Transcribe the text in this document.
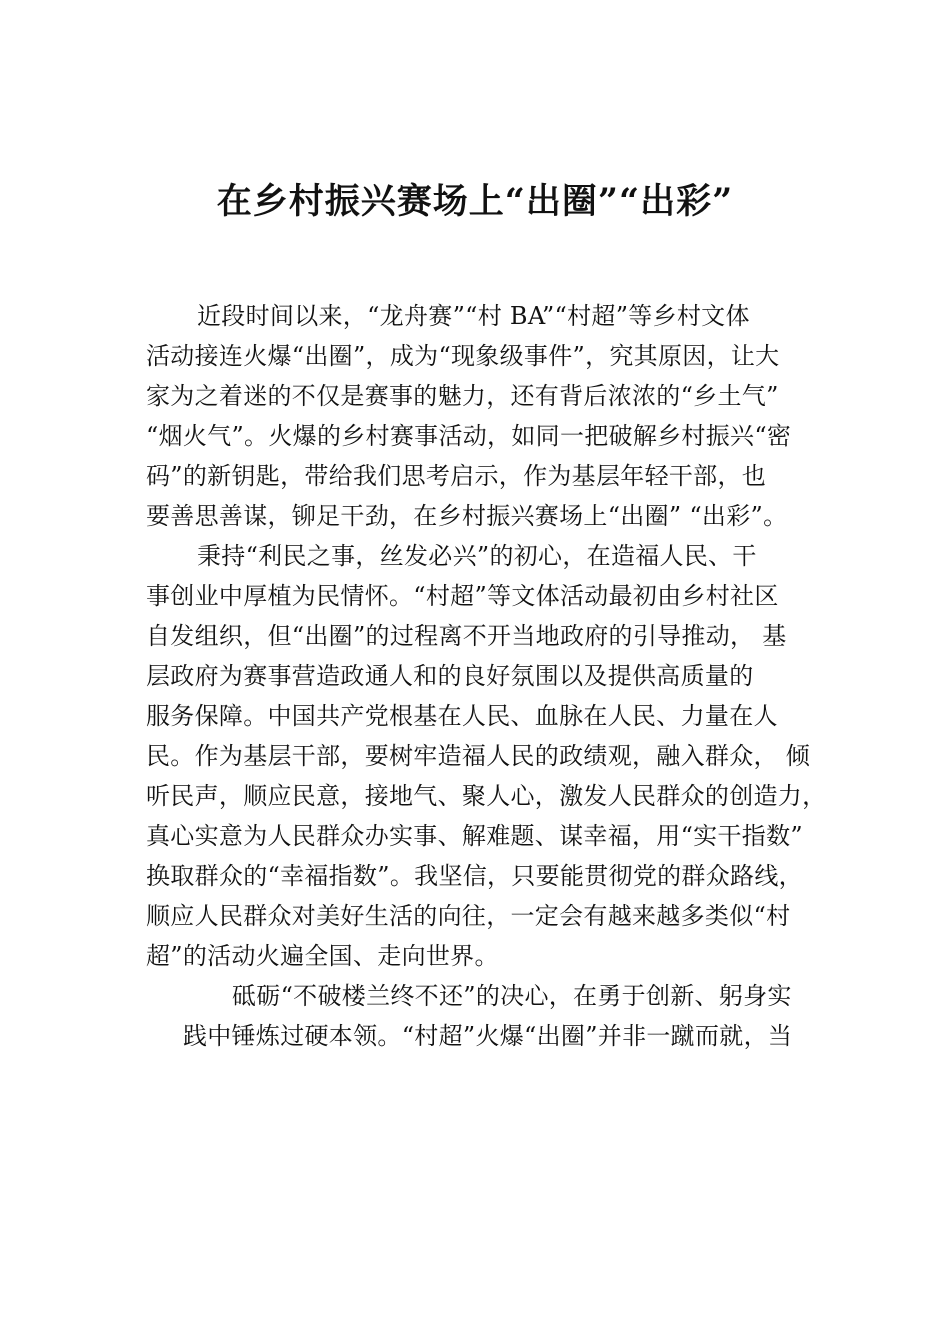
在乡村振兴赛场上“出圈”“出彩”
近段时间以来，“龙舟赛”“村 BA”“村超”等乡村文体
活动接连火爆“出圈”，成为“现象级事件”，究其原因，让大
家为之着迷的不仅是赛事的魅力，还有背后浓浓的“乡土气”
“烟火气”。火爆的乡村赛事活动，如同一把破解乡村振兴“密
码”的新钥匙，带给我们思考启示，作为基层年轻干部，也
要善思善谋，铆足干劲，在乡村振兴赛场上“出圈” “出彩”。
秉持“利民之事，丝发必兴”的初心，在造福人民、干
事创业中厚植为民情怀。“村超”等文体活动最初由乡村社区
自发组织，但“出圈”的过程离不开当地政府的引导推动， 基
层政府为赛事营造政通人和的良好氛围以及提供高质量的
服务保障。中国共产党根基在人民、血脉在人民、力量在人
民。作为基层干部，要树牢造福人民的政绩观，融入群众， 倾
听民声，顺应民意，接地气、聚人心，激发人民群众的创造力，
真心实意为人民群众办实事、解难题、谋幸福，用“实干指数”
换取群众的“幸福指数”。我坚信，只要能贯彻党的群众路线，
顺应人民群众对美好生活的向往，一定会有越来越多类似“村
超”的活动火遍全国、走向世界。
砥砺“不破楼兰终不还”的决心，在勇于创新、躬身实
践中锤炼过硬本领。“村超”火爆“出圈”并非一蹴而就，当
